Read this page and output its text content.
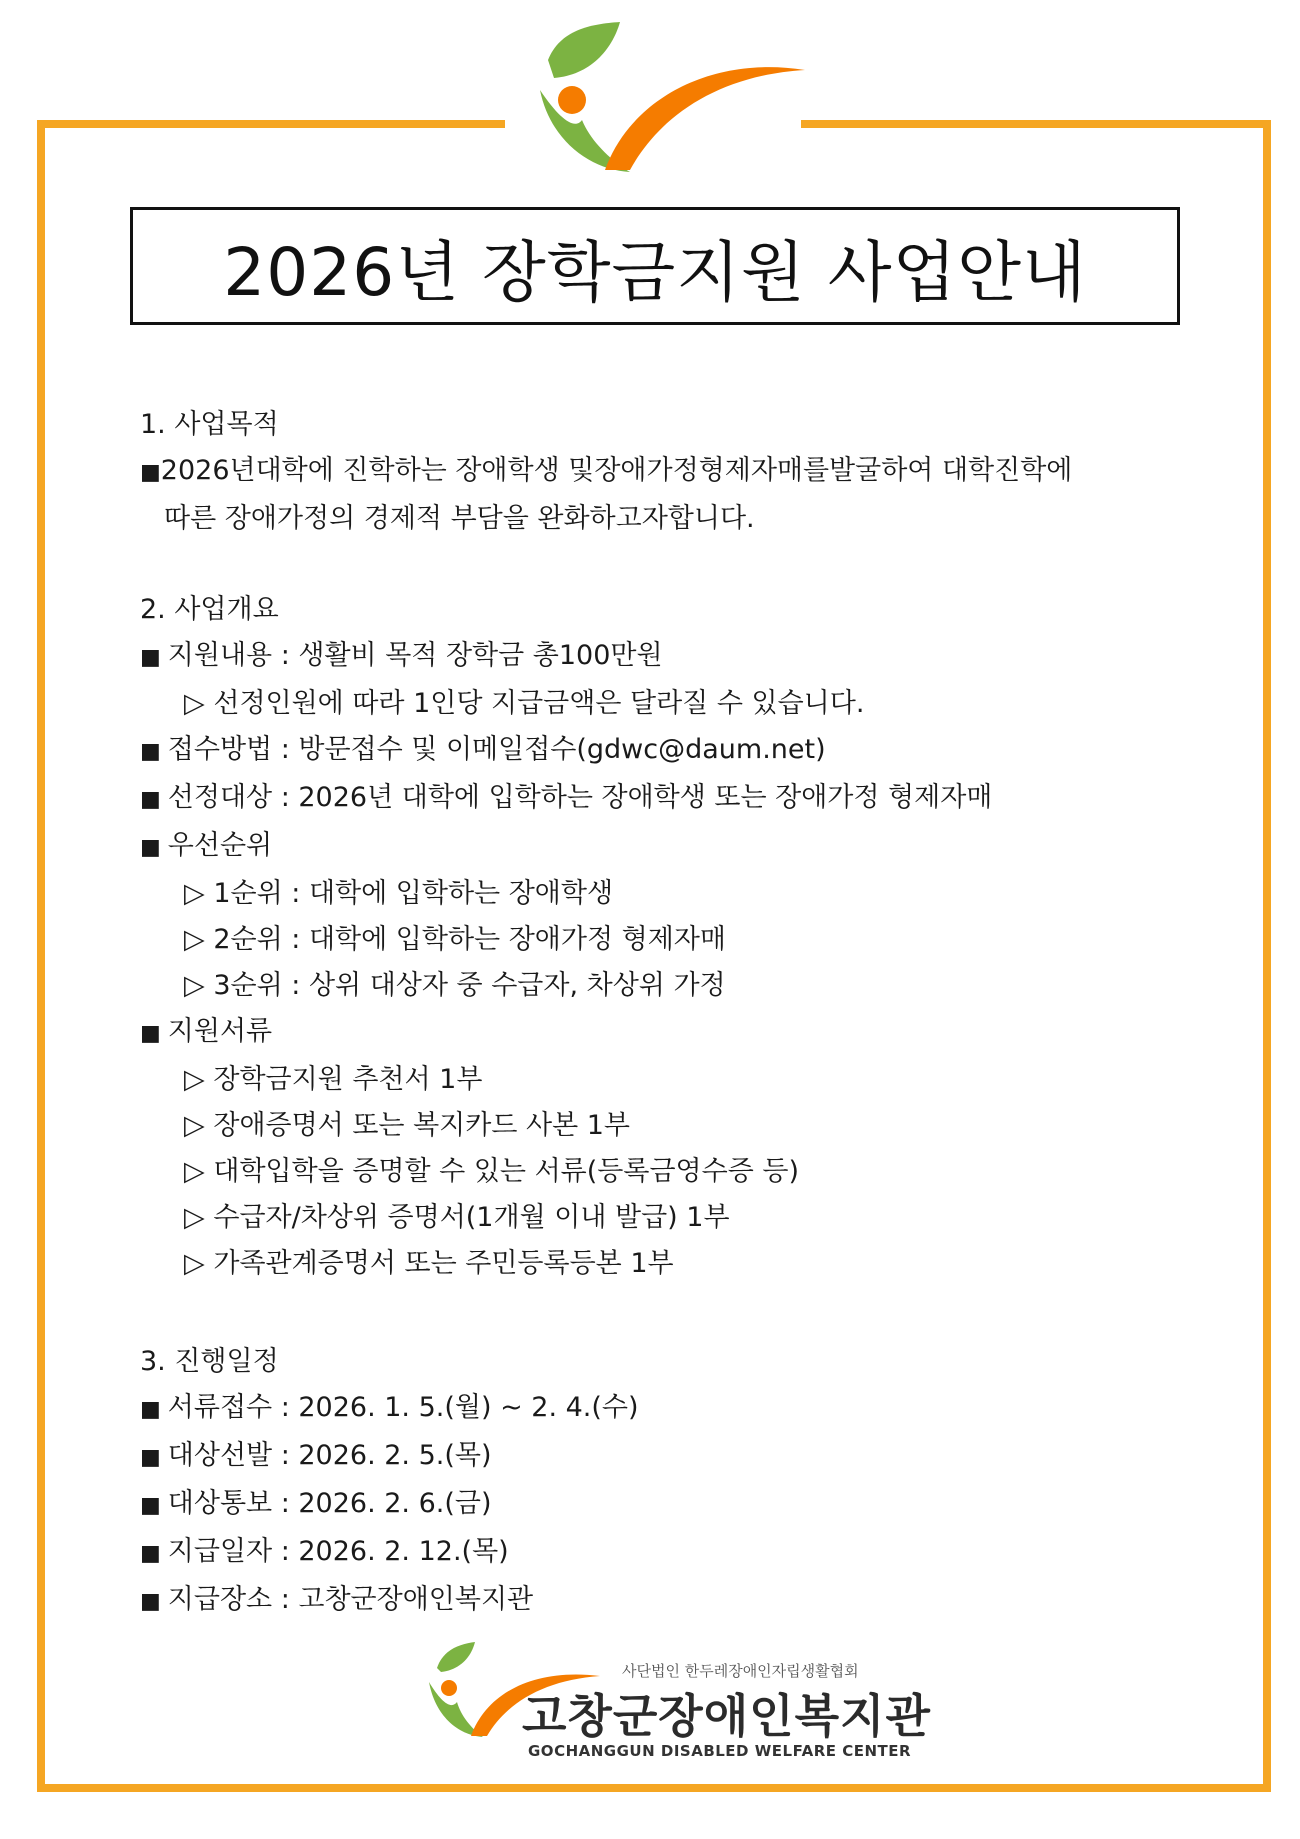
2026년 장학금지원 사업안내
1. 사업목적
■ 2026년대학에 진학하는 장애학생 및장애가정형제자매를발굴하여 대학진학에
따른 장애가정의 경제적 부담을 완화하고자합니다.
2. 사업개요
■ 지원내용 : 생활비 목적 장학금 총100만원
▷ 선정인원에 따라 1인당 지급금액은 달라질 수 있습니다.
■ 접수방법 : 방문접수 및 이메일접수(gdwc@daum.net)
■ 선정대상 : 2026년 대학에 입학하는 장애학생 또는 장애가정 형제자매
■ 우선순위
▷ 1순위 : 대학에 입학하는 장애학생
▷ 2순위 : 대학에 입학하는 장애가정 형제자매
▷ 3순위 : 상위 대상자 중 수급자, 차상위 가정
■ 지원서류
▷ 장학금지원 추천서 1부
▷ 장애증명서 또는 복지카드 사본 1부
▷ 대학입학을 증명할 수 있는 서류(등록금영수증 등)
▷ 수급자/차상위 증명서(1개월 이내 발급) 1부
▷ 가족관계증명서 또는 주민등록등본 1부
3. 진행일정
■ 서류접수 : 2026. 1. 5.(월) ~ 2. 4.(수)
■ 대상선발 : 2026. 2. 5.(목)
■ 대상통보 : 2026. 2. 6.(금)
■ 지급일자 : 2026. 2. 12.(목)
■ 지급장소 : 고창군장애인복지관
사단법인 한두레장애인자립생활협회
고창군장애인복지관
GOCHANGGUN DISABLED WELFARE CENTER
